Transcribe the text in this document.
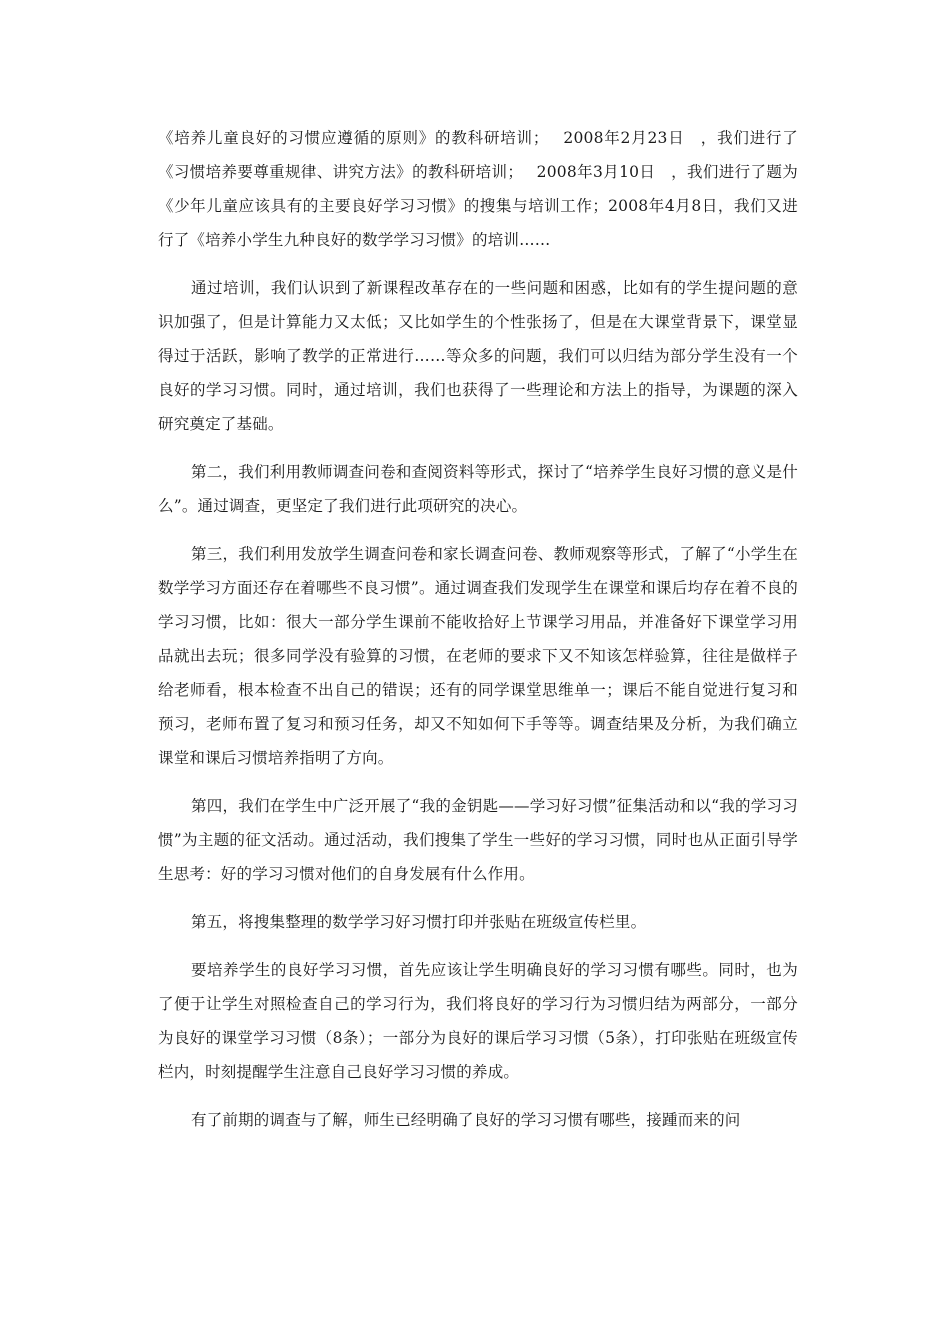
《培养儿童良好的习惯应遵循的原则》的教科研培训；　 2008年2月23日　，我们进行了《习惯培养要尊重规律、讲究方法》的教科研培训；　 2008年3月10日　，我们进行了题为《少年儿童应该具有的主要良好学习习惯》的搜集与培训工作；2008年4月8日，我们又进行了《培养小学生九种良好的数学学习习惯》的培训……

通过培训，我们认识到了新课程改革存在的一些问题和困惑，比如有的学生提问题的意识加强了，但是计算能力又太低；又比如学生的个性张扬了，但是在大课堂背景下，课堂显得过于活跃，影响了教学的正常进行……等众多的问题，我们可以归结为部分学生没有一个良好的学习习惯。同时，通过培训，我们也获得了一些理论和方法上的指导，为课题的深入研究奠定了基础。

第二，我们利用教师调查问卷和查阅资料等形式，探讨了“培养学生良好习惯的意义是什么”。通过调查，更坚定了我们进行此项研究的决心。

第三，我们利用发放学生调查问卷和家长调查问卷、教师观察等形式，了解了“小学生在数学学习方面还存在着哪些不良习惯”。通过调查我们发现学生在课堂和课后均存在着不良的学习习惯，比如：很大一部分学生课前不能收拾好上节课学习用品，并准备好下课堂学习用品就出去玩；很多同学没有验算的习惯，在老师的要求下又不知该怎样验算，往往是做样子给老师看，根本检查不出自己的错误；还有的同学课堂思维单一；课后不能自觉进行复习和预习，老师布置了复习和预习任务，却又不知如何下手等等。调查结果及分析，为我们确立课堂和课后习惯培养指明了方向。

第四，我们在学生中广泛开展了“我的金钥匙——学习好习惯”征集活动和以“我的学习习惯”为主题的征文活动。通过活动，我们搜集了学生一些好的学习习惯，同时也从正面引导学生思考：好的学习习惯对他们的自身发展有什么作用。

第五，将搜集整理的数学学习好习惯打印并张贴在班级宣传栏里。

要培养学生的良好学习习惯，首先应该让学生明确良好的学习习惯有哪些。同时，也为了便于让学生对照检查自己的学习行为，我们将良好的学习行为习惯归结为两部分，一部分为良好的课堂学习习惯（8条）；一部分为良好的课后学习习惯（5条），打印张贴在班级宣传栏内，时刻提醒学生注意自己良好学习习惯的养成。

有了前期的调查与了解，师生已经明确了良好的学习习惯有哪些，接踵而来的问
